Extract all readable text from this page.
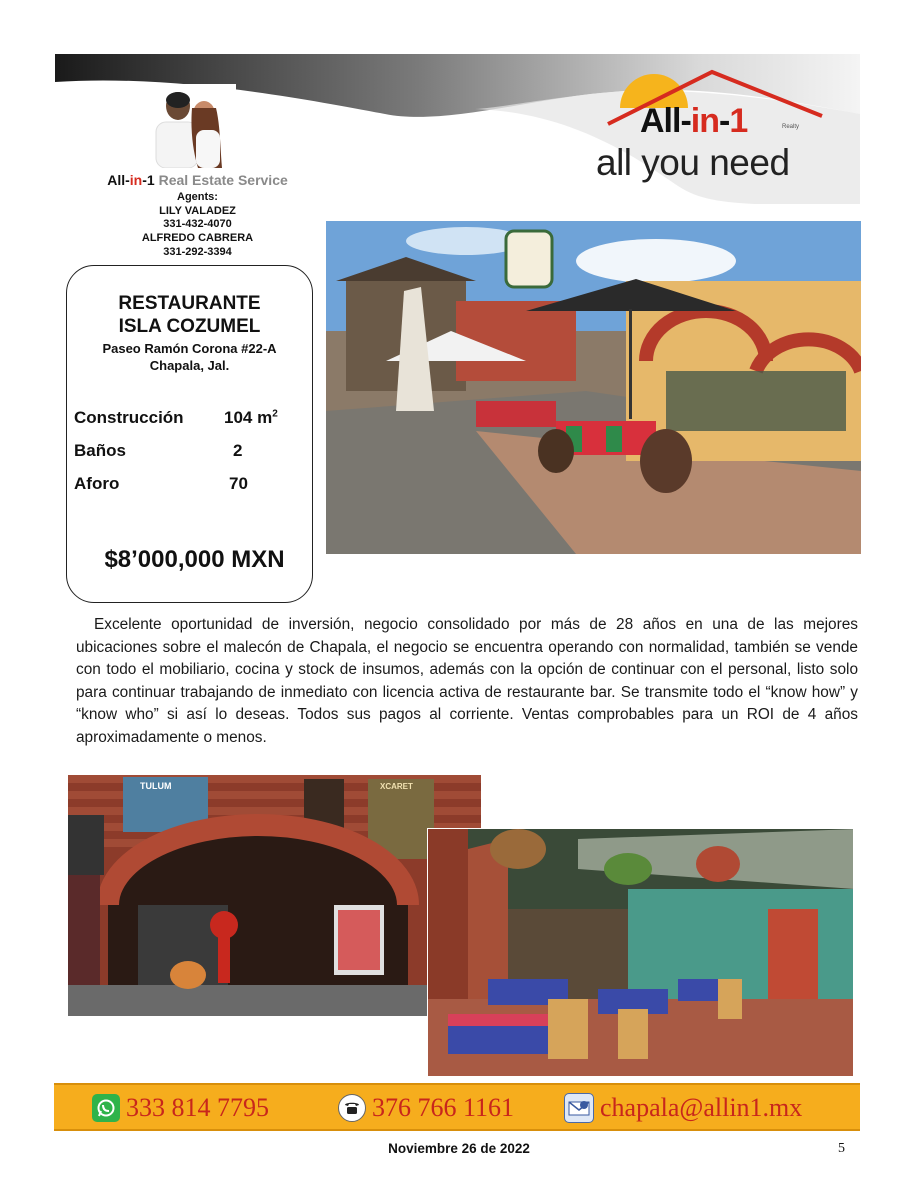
All-in-1 Real Estate Service
Agents:
LILY VALADEZ
331-432-4070
ALFREDO CABRERA
331-292-3394
All-in-1	Realty
all you need
RESTAURANTE
ISLA COZUMEL
Paseo Ramón Corona #22-A
Chapala, Jal.
Construcción 104 $m^2$
Baños	2
Aforo	70
$8’000,000 MXN
Excelente oportunidad de inversión, negocio consolidado por más de 28 años en una de las mejores ubicaciones sobre el malecón de Chapala, el negocio se encuentra operando con normalidad, también se vende con todo el mobiliario, cocina y stock de insumos, además con la opción de continuar con el personal, listo solo para continuar trabajando de inmediato con licencia activa de restaurante bar. Se transmite todo el “know how” y “know who” si así lo deseas. Todos sus pagos al corriente. Ventas comprobables para un ROI de 4 años aproximadamente o menos.
TULUM	XCARET
333 814 7795	376 766 1161	chapala@allin1.mx
Noviembre 26 de 2022	5
